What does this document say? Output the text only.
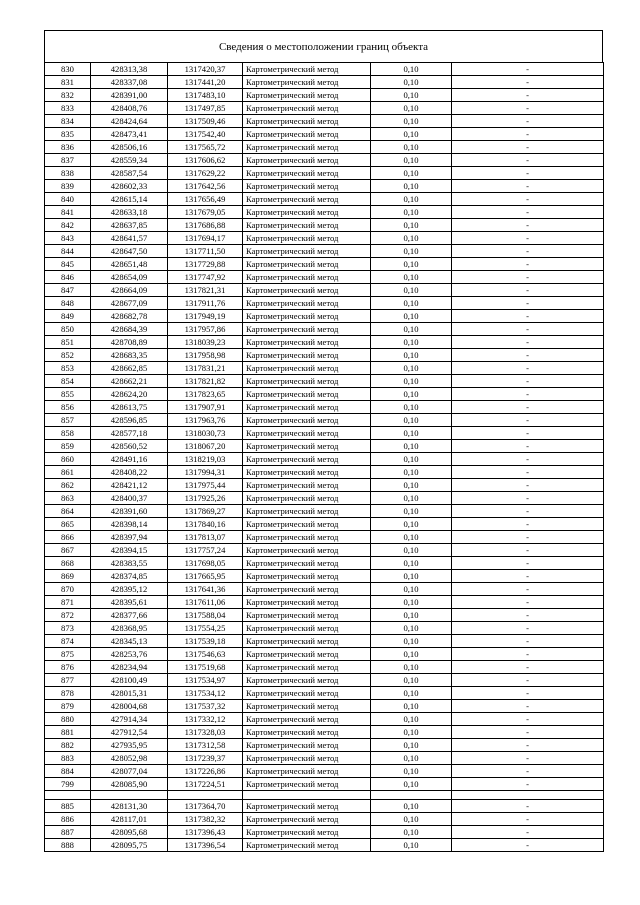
Сведения о местоположении границ объекта
830	428313,38	1317420,37	Картометрический метод	0,10	-
831	428337,08	1317441,20	Картометрический метод	0,10	-
832	428391,00	1317483,10	Картометрический метод	0,10	-
833	428408,76	1317497,85	Картометрический метод	0,10	-
834	428424,64	1317509,46	Картометрический метод	0,10	-
835	428473,41	1317542,40	Картометрический метод	0,10	-
836	428506,16	1317565,72	Картометрический метод	0,10	-
837	428559,34	1317606,62	Картометрический метод	0,10	-
838	428587,54	1317629,22	Картометрический метод	0,10	-
839	428602,33	1317642,56	Картометрический метод	0,10	-
840	428615,14	1317656,49	Картометрический метод	0,10	-
841	428633,18	1317679,05	Картометрический метод	0,10	-
842	428637,85	1317686,88	Картометрический метод	0,10	-
843	428641,57	1317694,17	Картометрический метод	0,10	-
844	428647,50	1317711,50	Картометрический метод	0,10	-
845	428651,48	1317729,88	Картометрический метод	0,10	-
846	428654,09	1317747,92	Картометрический метод	0,10	-
847	428664,09	1317821,31	Картометрический метод	0,10	-
848	428677,09	1317911,76	Картометрический метод	0,10	-
849	428682,78	1317949,19	Картометрический метод	0,10	-
850	428684,39	1317957,86	Картометрический метод	0,10	-
851	428708,89	1318039,23	Картометрический метод	0,10	-
852	428683,35	1317958,98	Картометрический метод	0,10	-
853	428662,85	1317831,21	Картометрический метод	0,10	-
854	428662,21	1317821,82	Картометрический метод	0,10	-
855	428624,20	1317823,65	Картометрический метод	0,10	-
856	428613,75	1317907,91	Картометрический метод	0,10	-
857	428596,85	1317963,76	Картометрический метод	0,10	-
858	428577,18	1318030,73	Картометрический метод	0,10	-
859	428560,52	1318067,20	Картометрический метод	0,10	-
860	428491,16	1318219,03	Картометрический метод	0,10	-
861	428408,22	1317994,31	Картометрический метод	0,10	-
862	428421,12	1317975,44	Картометрический метод	0,10	-
863	428400,37	1317925,26	Картометрический метод	0,10	-
864	428391,60	1317869,27	Картометрический метод	0,10	-
865	428398,14	1317840,16	Картометрический метод	0,10	-
866	428397,94	1317813,07	Картометрический метод	0,10	-
867	428394,15	1317757,24	Картометрический метод	0,10	-
868	428383,55	1317698,05	Картометрический метод	0,10	-
869	428374,85	1317665,95	Картометрический метод	0,10	-
870	428395,12	1317641,36	Картометрический метод	0,10	-
871	428395,61	1317611,06	Картометрический метод	0,10	-
872	428377,66	1317588,04	Картометрический метод	0,10	-
873	428368,95	1317554,25	Картометрический метод	0,10	-
874	428345,13	1317539,18	Картометрический метод	0,10	-
875	428253,76	1317546,63	Картометрический метод	0,10	-
876	428234,94	1317519,68	Картометрический метод	0,10	-
877	428100,49	1317534,97	Картометрический метод	0,10	-
878	428015,31	1317534,12	Картометрический метод	0,10	-
879	428004,68	1317537,32	Картометрический метод	0,10	-
880	427914,34	1317332,12	Картометрический метод	0,10	-
881	427912,54	1317328,03	Картометрический метод	0,10	-
882	427935,95	1317312,58	Картометрический метод	0,10	-
883	428052,98	1317239,37	Картометрический метод	0,10	-
884	428077,04	1317226,86	Картометрический метод	0,10	-
799	428085,90	1317224,51	Картометрический метод	0,10	-

885	428131,30	1317364,70	Картометрический метод	0,10	-
886	428117,01	1317382,32	Картометрический метод	0,10	-
887	428095,68	1317396,43	Картометрический метод	0,10	-
888	428095,75	1317396,54	Картометрический метод	0,10	-
